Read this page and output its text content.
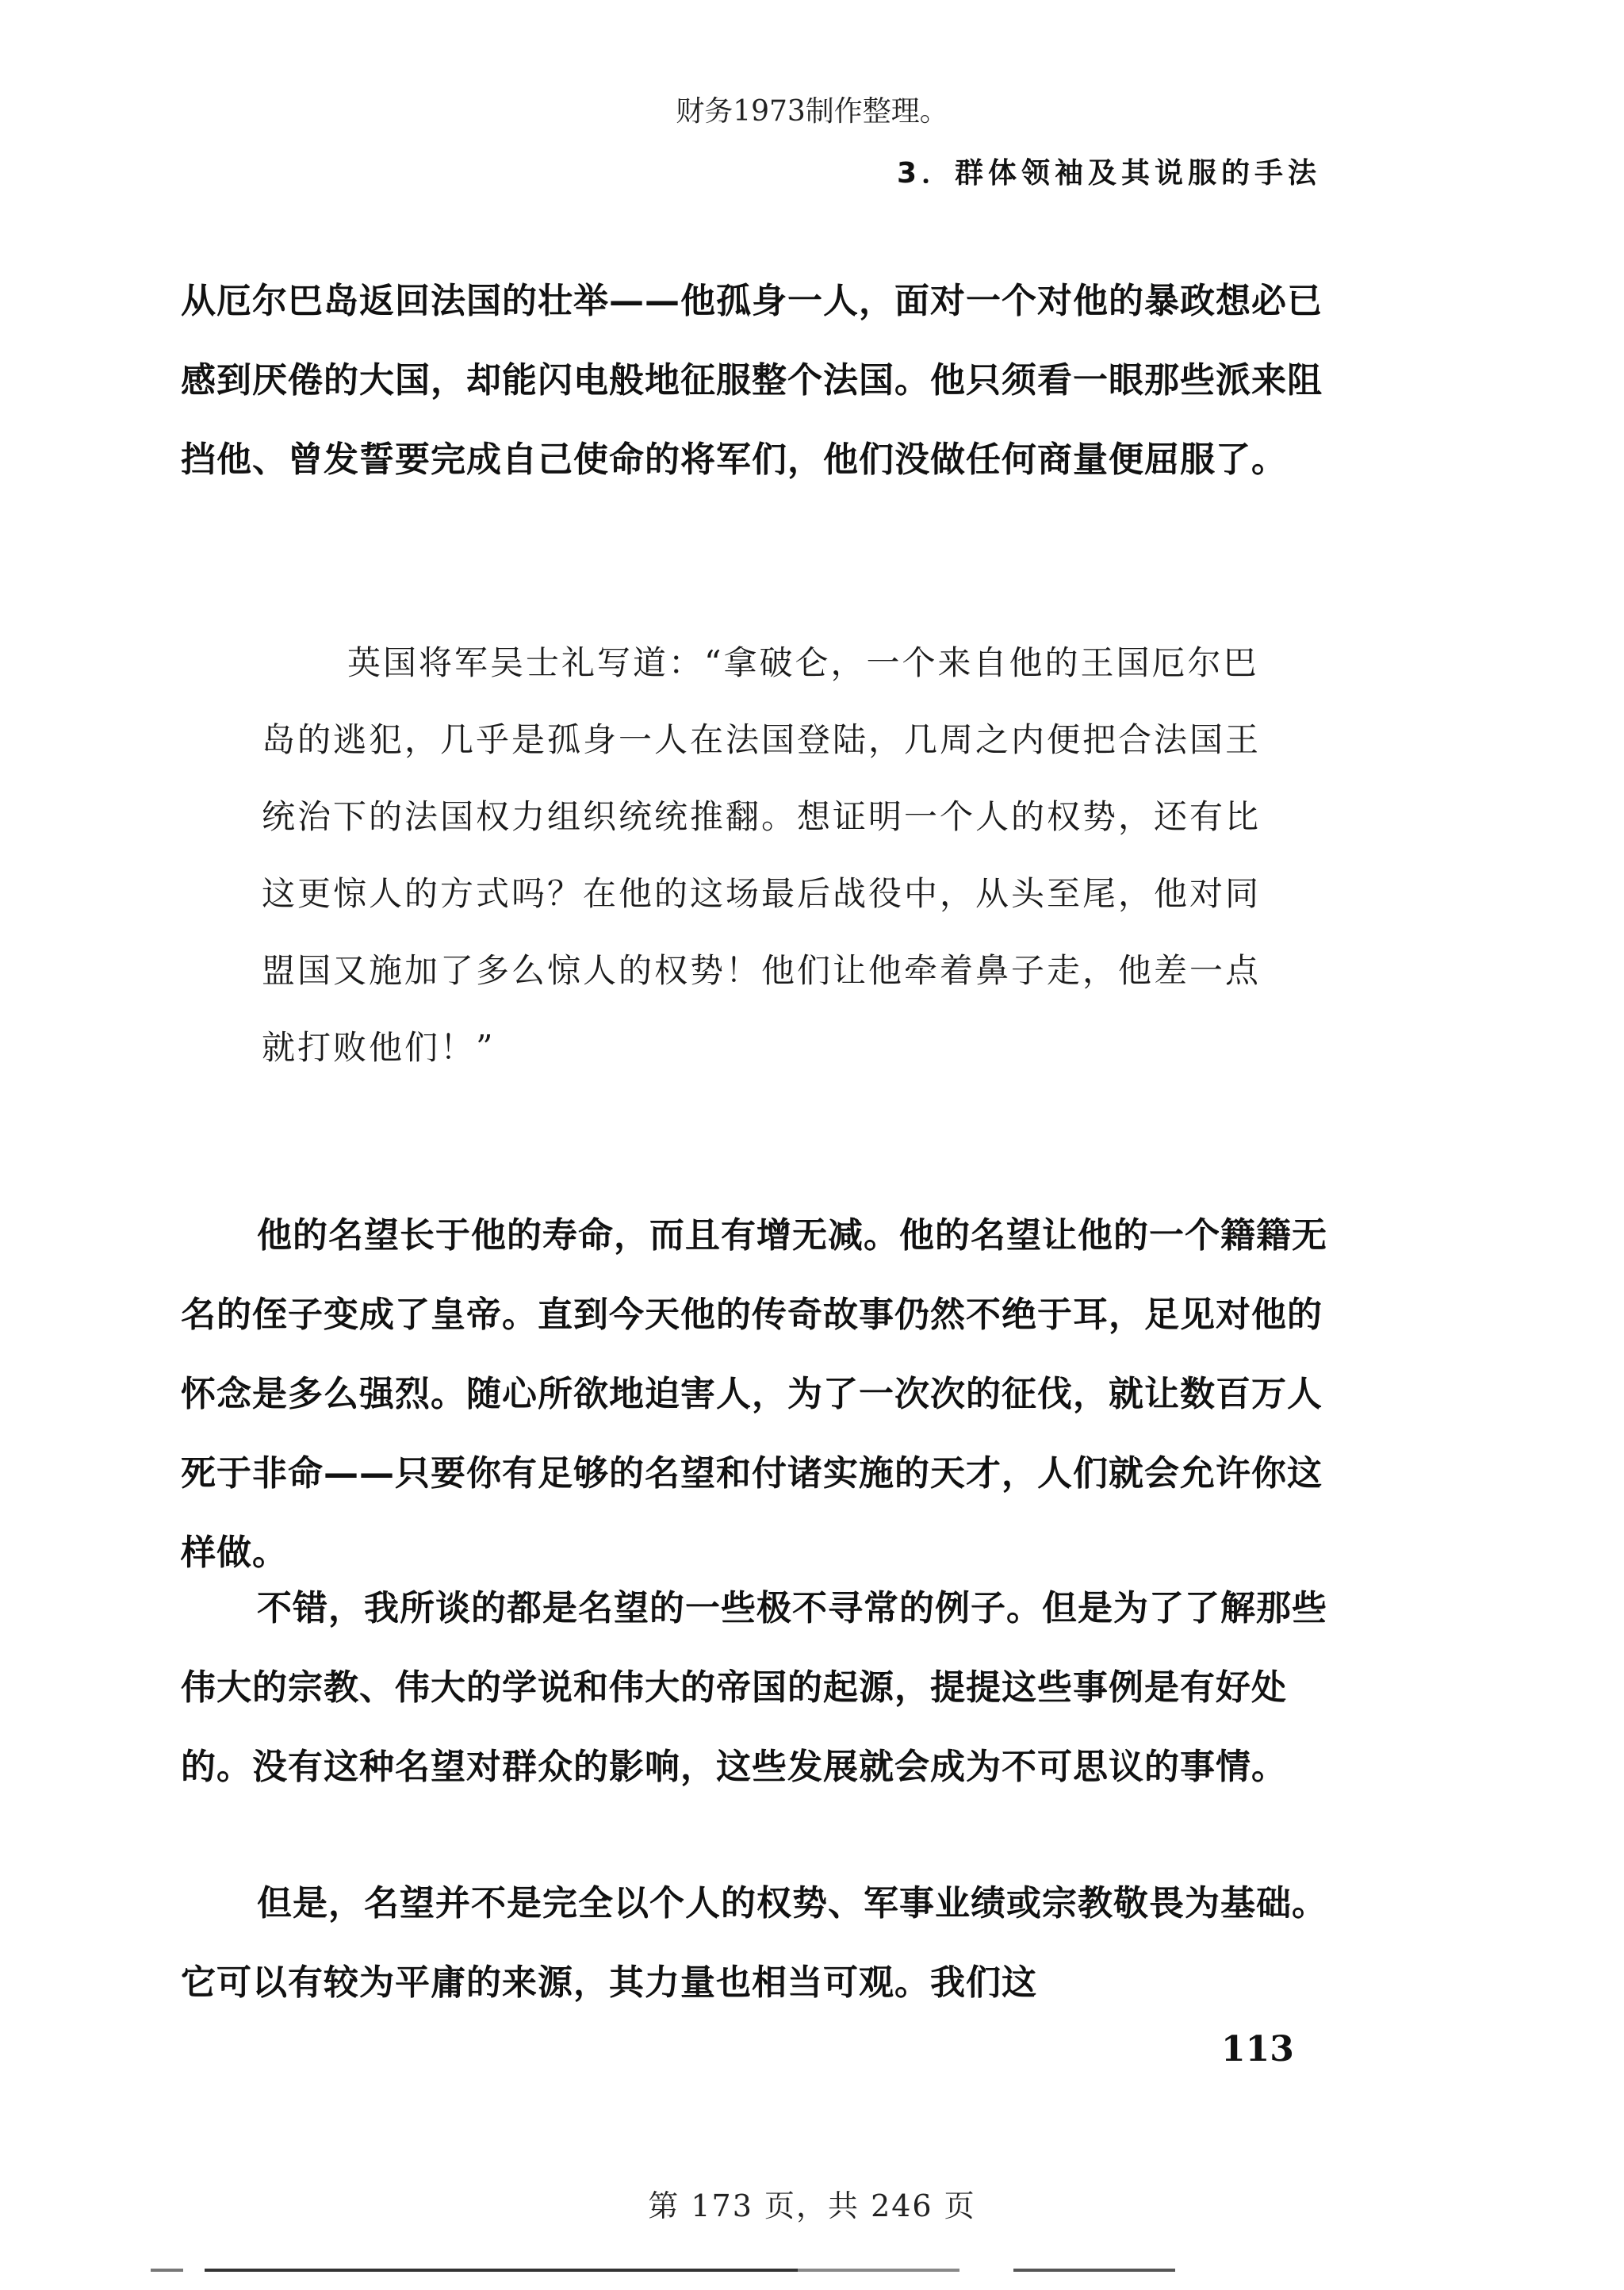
财务1973制作整理。
3．群体领袖及其说服的手法

从厄尔巴岛返回法国的壮举——他孤身一人，面对一个对他的暴政想必已感到厌倦的大国，却能闪电般地征服整个法国。他只须看一眼那些派来阻挡他、曾发誓要完成自己使命的将军们，他们没做任何商量便屈服了。

英国将军吴士礼写道：“拿破仑，一个来自他的王国厄尔巴岛的逃犯，几乎是孤身一人在法国登陆，几周之内便把合法国王统治下的法国权力组织统统推翻。想证明一个人的权势，还有比这更惊人的方式吗？在他的这场最后战役中，从头至尾，他对同盟国又施加了多么惊人的权势！他们让他牵着鼻子走，他差一点就打败他们！”

他的名望长于他的寿命，而且有增无减。他的名望让他的一个籍籍无名的侄子变成了皇帝。直到今天他的传奇故事仍然不绝于耳，足见对他的怀念是多么强烈。随心所欲地迫害人，为了一次次的征伐，就让数百万人死于非命——只要你有足够的名望和付诸实施的天才，人们就会允许你这样做。

不错，我所谈的都是名望的一些极不寻常的例子。但是为了了解那些伟大的宗教、伟大的学说和伟大的帝国的起源，提提这些事例是有好处的。没有这种名望对群众的影响，这些发展就会成为不可思议的事情。

但是，名望并不是完全以个人的权势、军事业绩或宗教敬畏为基础。它可以有较为平庸的来源，其力量也相当可观。我们这

113
第 173 页，共 246 页
